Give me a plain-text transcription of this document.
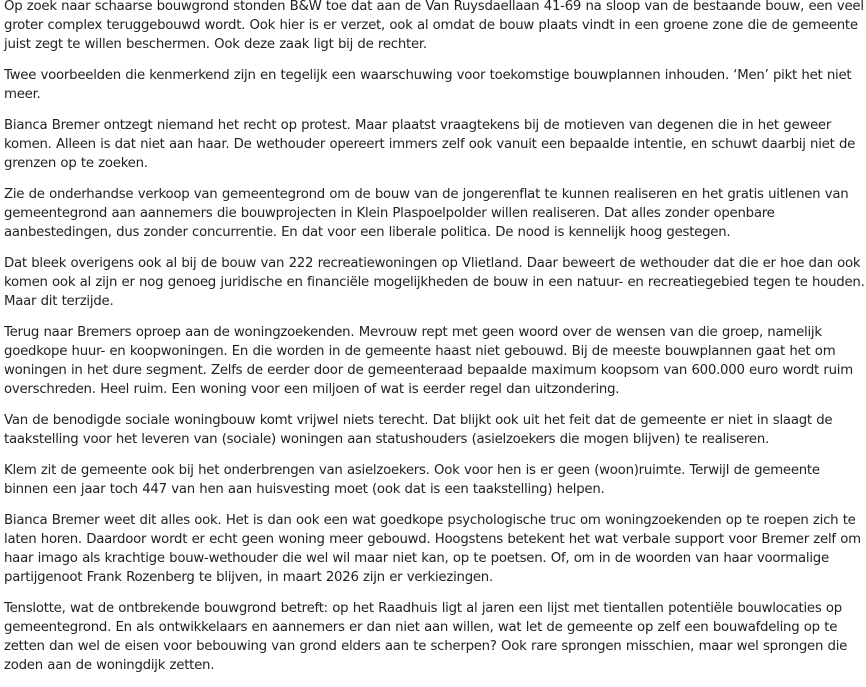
Op zoek naar schaarse bouwgrond stonden B&W toe dat aan de Van Ruysdaellaan 41-69 na sloop van de bestaande bouw, een veel groter complex teruggebouwd wordt. Ook hier is er verzet, ook al omdat de bouw plaats vindt in een groene zone die de gemeente juist zegt te willen beschermen. Ook deze zaak ligt bij de rechter.

Twee voorbeelden die kenmerkend zijn en tegelijk een waarschuwing voor toekomstige bouwplannen inhouden. ‘Men’ pikt het niet meer.

Bianca Bremer ontzegt niemand het recht op protest. Maar plaatst vraagtekens bij de motieven van degenen die in het geweer komen. Alleen is dat niet aan haar. De wethouder opereert immers zelf ook vanuit een bepaalde intentie, en schuwt daarbij niet de grenzen op te zoeken.

Zie de onderhandse verkoop van gemeentegrond om de bouw van de jongerenflat te kunnen realiseren en het gratis uitlenen van gemeentegrond aan aannemers die bouwprojecten in Klein Plaspoelpolder willen realiseren. Dat alles zonder openbare aanbestedingen, dus zonder concurrentie. En dat voor een liberale politica. De nood is kennelijk hoog gestegen.

Dat bleek overigens ook al bij de bouw van 222 recreatiewoningen op Vlietland. Daar beweert de wethouder dat die er hoe dan ook komen ook al zijn er nog genoeg juridische en financiële mogelijkheden de bouw in een natuur- en recreatiegebied tegen te houden. Maar dit terzijde.

Terug naar Bremers oproep aan de woningzoekenden. Mevrouw rept met geen woord over de wensen van die groep, namelijk goedkope huur- en koopwoningen. En die worden in de gemeente haast niet gebouwd. Bij de meeste bouwplannen gaat het om woningen in het dure segment. Zelfs de eerder door de gemeenteraad bepaalde maximum koopsom van 600.000 euro wordt ruim overschreden. Heel ruim. Een woning voor een miljoen of wat is eerder regel dan uitzondering.

Van de benodigde sociale woningbouw komt vrijwel niets terecht. Dat blijkt ook uit het feit dat de gemeente er niet in slaagt de taakstelling voor het leveren van (sociale) woningen aan statushouders (asielzoekers die mogen blijven) te realiseren.

Klem zit de gemeente ook bij het onderbrengen van asielzoekers. Ook voor hen is er geen (woon)ruimte. Terwijl de gemeente binnen een jaar toch 447 van hen aan huisvesting moet (ook dat is een taakstelling) helpen.

Bianca Bremer weet dit alles ook. Het is dan ook een wat goedkope psychologische truc om woningzoekenden op te roepen zich te laten horen. Daardoor wordt er echt geen woning meer gebouwd. Hoogstens betekent het wat verbale support voor Bremer zelf om haar imago als krachtige bouw-wethouder die wel wil maar niet kan, op te poetsen. Of, om in de woorden van haar voormalige partijgenoot Frank Rozenberg te blijven, in maart 2026 zijn er verkiezingen.

Tenslotte, wat de ontbrekende bouwgrond betreft: op het Raadhuis ligt al jaren een lijst met tientallen potentiële bouwlocaties op gemeentegrond. En als ontwikkelaars en aannemers er dan niet aan willen, wat let de gemeente op zelf een bouwafdeling op te zetten dan wel de eisen voor bebouwing van grond elders aan te scherpen? Ook rare sprongen misschien, maar wel sprongen die zoden aan de woningdijk zetten.
